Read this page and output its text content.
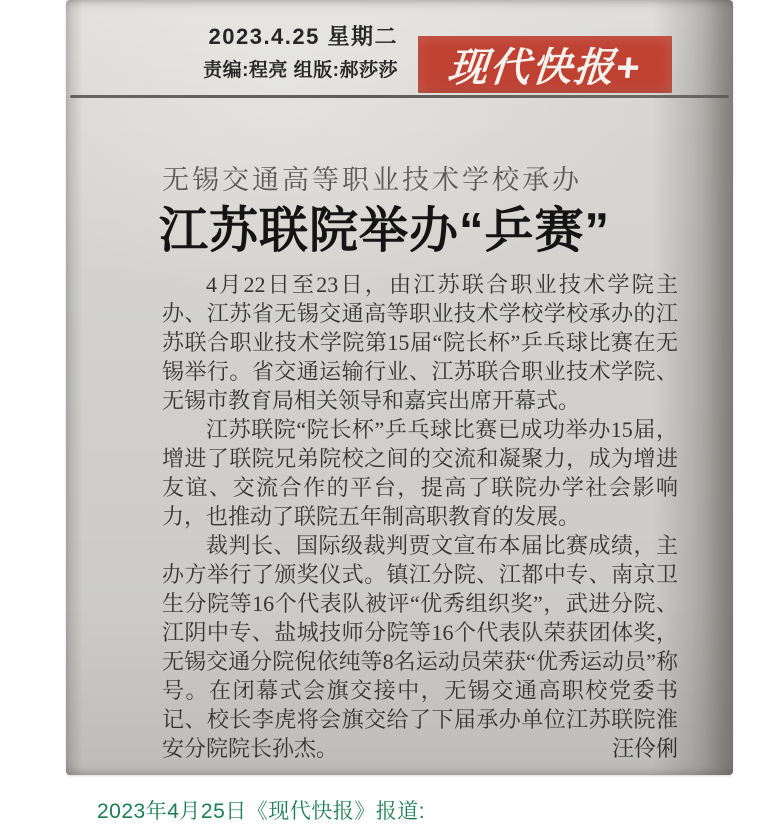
2023.4.25 星期二
责编:程亮 组版:郝莎莎 现代快报+
无锡交通高等职业技术学校承办
江苏联院举办“乒赛”

4月22日至23日，由江苏联合职业技术学院主办、江苏省无锡交通高等职业技术学校学校承办的江苏联合职业技术学院第15届“院长杯”乒乓球比赛在无锡举行。省交通运输行业、江苏联合职业技术学院、无锡市教育局相关领导和嘉宾出席开幕式。

江苏联院“院长杯”乒乓球比赛已成功举办15届，增进了联院兄弟院校之间的交流和凝聚力，成为增进友谊、交流合作的平台，提高了联院办学社会影响力，也推动了联院五年制高职教育的发展。

裁判长、国际级裁判贾文宣布本届比赛成绩，主办方举行了颁奖仪式。镇江分院、江都中专、南京卫生分院等16个代表队被评“优秀组织奖”，武进分院、江阴中专、盐城技师分院等16个代表队荣获团体奖，无锡交通分院倪依纯等8名运动员荣获“优秀运动员”称号。在闭幕式会旗交接中，无锡交通高职校党委书记、校长李虎将会旗交给了下届承办单位江苏联院淮安分院院长孙杰。	汪伶俐

2023年4月25日《现代快报》报道:
